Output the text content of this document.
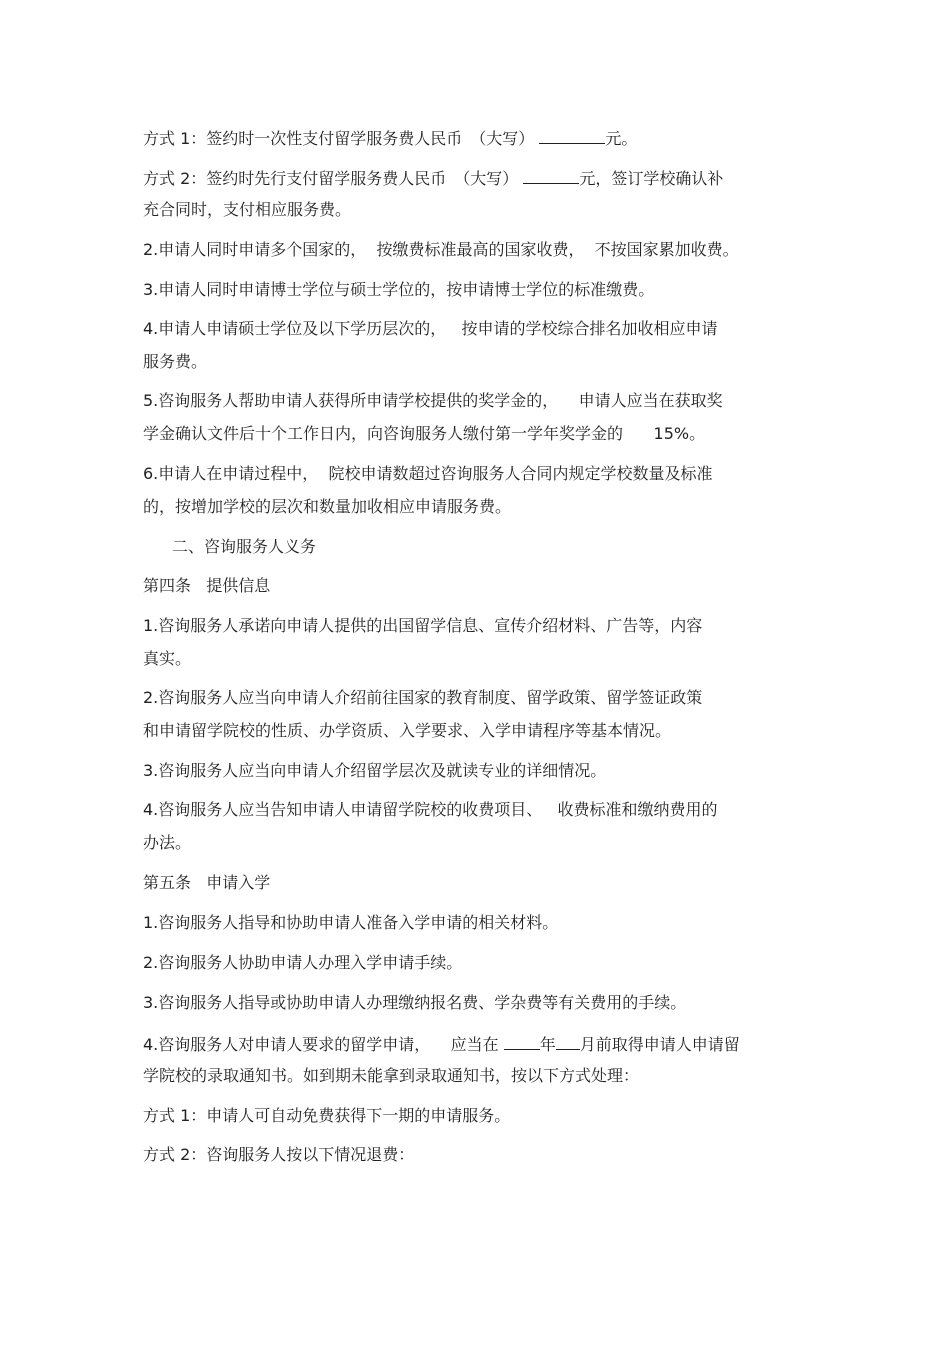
方式 1：签约时一次性支付留学服务费人民币　（大写）	元。
方式 2：签约时先行支付留学服务费人民币　（大写）	元，签订学校确认补
充合同时，支付相应服务费。
2.申请人同时申请多个国家的，  按缴费标准最高的国家收费，  不按国家累加收费。
3.申请人同时申请博士学位与硕士学位的，按申请博士学位的标准缴费。
4.申请人申请硕士学位及以下学历层次的，   按申请的学校综合排名加收相应申请
服务费。
5.咨询服务人帮助申请人获得所申请学校提供的奖学金的，    申请人应当在获取奖
学金确认文件后十个工作日内，向咨询服务人缴付第一学年奖学金的      15%。
6.申请人在申请过程中，  院校申请数超过咨询服务人合同内规定学校数量及标准
的，按增加学校的层次和数量加收相应申请服务费。
二、咨询服务人义务
第四条   提供信息
1.咨询服务人承诺向申请人提供的出国留学信息、宣传介绍材料、广告等，内容
真实。
2.咨询服务人应当向申请人介绍前往国家的教育制度、留学政策、留学签证政策
和申请留学院校的性质、办学资质、入学要求、入学申请程序等基本情况。
3.咨询服务人应当向申请人介绍留学层次及就读专业的详细情况。
4.咨询服务人应当告知申请人申请留学院校的收费项目、   收费标准和缴纳费用的
办法。
第五条   申请入学
1.咨询服务人指导和协助申请人准备入学申请的相关材料。
2.咨询服务人协助申请人办理入学申请手续。
3.咨询服务人指导或协助申请人办理缴纳报名费、学杂费等有关费用的手续。
4.咨询服务人对申请人要求的留学申请，    应当在 年 月前取得申请人申请留
学院校的录取通知书。如到期未能拿到录取通知书，按以下方式处理：
方式 1：申请人可自动免费获得下一期的申请服务。
方式 2：咨询服务人按以下情况退费：
